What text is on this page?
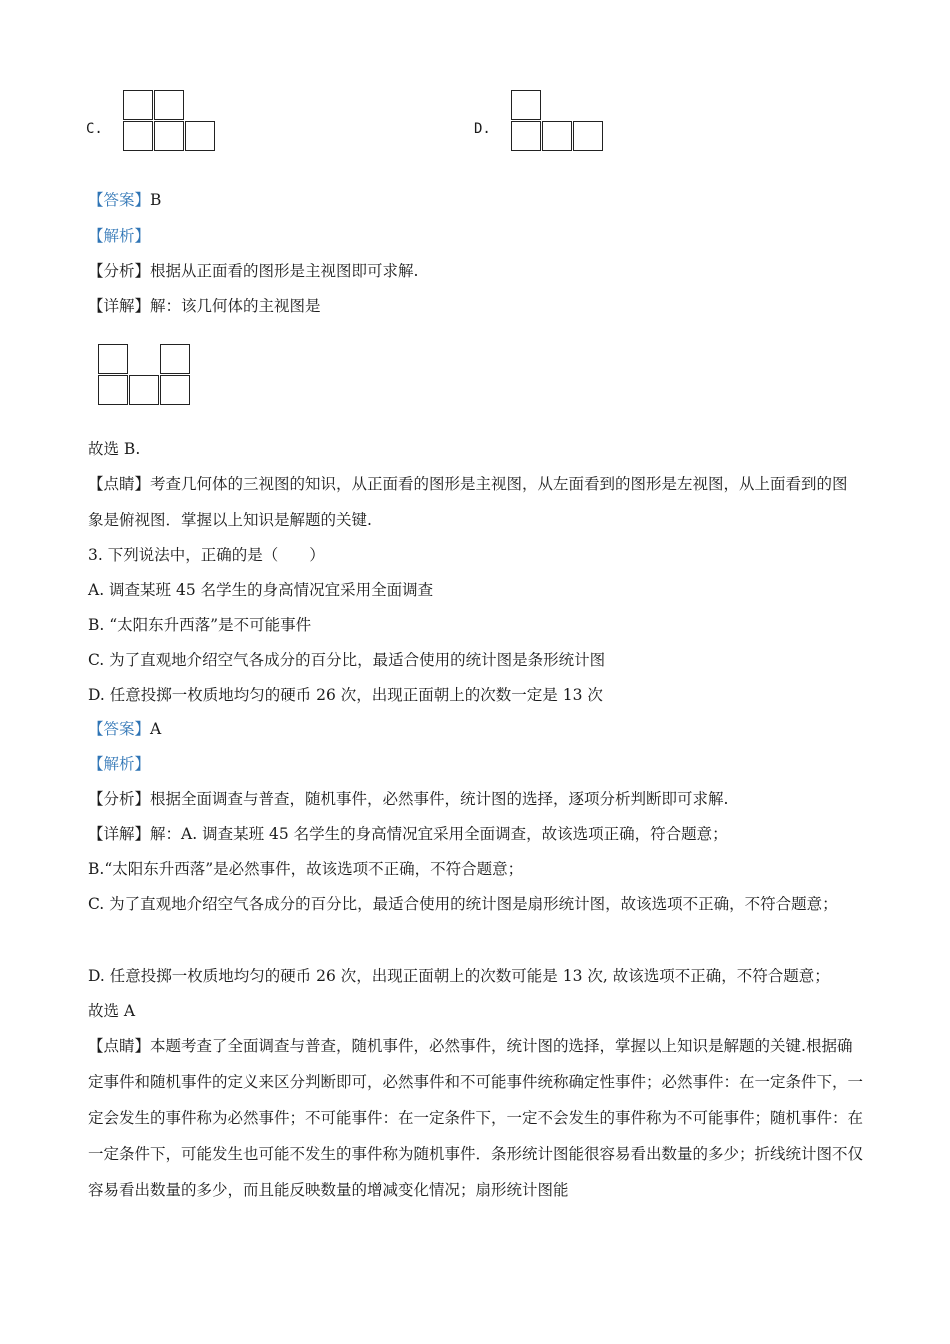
C.	D.
【答案】B
【解析】
【分析】根据从正面看的图形是主视图即可求解.
【详解】解：该几何体的主视图是
故选 B.
【点睛】考查几何体的三视图的知识，从正面看的图形是主视图，从左面看到的图形是左视图，从上面看到的图象是俯视图．掌握以上知识是解题的关键.
3. 下列说法中，正确的是（　　）
A. 调查某班 45 名学生的身高情况宜采用全面调查
B. “太阳东升西落”是不可能事件
C. 为了直观地介绍空气各成分的百分比，最适合使用的统计图是条形统计图
D. 任意投掷一枚质地均匀的硬币 26 次，出现正面朝上的次数一定是 13 次
【答案】A
【解析】
【分析】根据全面调查与普查，随机事件，必然事件，统计图的选择，逐项分析判断即可求解.
【详解】解：A. 调查某班 45 名学生的身高情况宜采用全面调查，故该选项正确，符合题意；
B.“太阳东升西落”是必然事件，故该选项不正确，不符合题意；
C. 为了直观地介绍空气各成分的百分比，最适合使用的统计图是扇形统计图，故该选项不正确，不符合题意；
D. 任意投掷一枚质地均匀的硬币 26 次，出现正面朝上的次数可能是 13 次, 故该选项不正确，不符合题意；
故选 A
【点睛】本题考查了全面调查与普查，随机事件，必然事件，统计图的选择，掌握以上知识是解题的关键.根据确定事件和随机事件的定义来区分判断即可，必然事件和不可能事件统称确定性事件；必然事件：在一定条件下，一定会发生的事件称为必然事件；不可能事件：在一定条件下，一定不会发生的事件称为不可能事件；随机事件：在一定条件下，可能发生也可能不发生的事件称为随机事件．条形统计图能很容易看出数量的多少；折线统计图不仅容易看出数量的多少，而且能反映数量的增减变化情况；扇形统计图能
